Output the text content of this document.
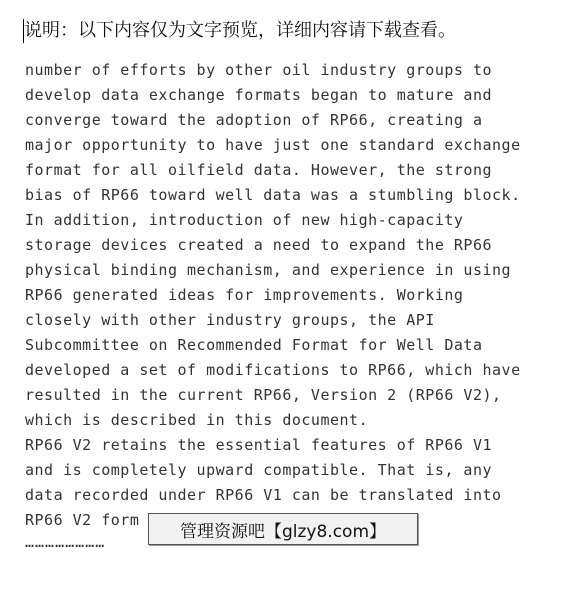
说明：以下内容仅为文字预览，详细内容请下载查看。
number of efforts by other oil industry groups to
develop data exchange formats began to mature and
converge toward the adoption of RP66, creating a
major opportunity to have just one standard exchange
format for all oilfield data. However, the strong
bias of RP66 toward well data was a stumbling block.
In addition, introduction of new high-capacity
storage devices created a need to expand the RP66
physical binding mechanism, and experience in using
RP66 generated ideas for improvements. Working
closely with other industry groups, the API
Subcommittee on Recommended Format for Well Data
developed a set of modifications to RP66, which have
resulted in the current RP66, Version 2 (RP66 V2),
which is described in this document.
RP66 V2 retains the essential features of RP66 V1
and is completely upward compatible. That is, any
data recorded under RP66 V1 can be translated into
RP66 V2 form
……………………
管理资源吧【glzy8.com】
